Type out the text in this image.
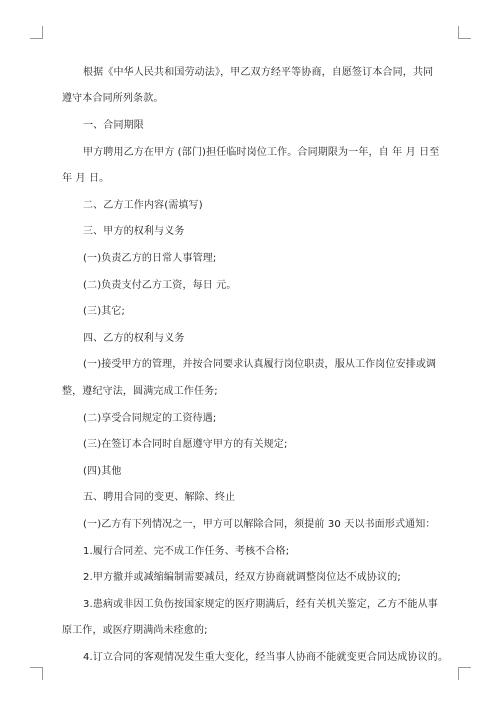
根据《中华人民共和国劳动法》，甲乙双方经平等协商，自愿签订本合同，共同
遵守本合同所列条款。
一、合同期限
甲方聘用乙方在甲方 (部门)担任临时岗位工作。合同期限为一年，自 年 月 日至
年 月 日。
二、乙方工作内容(需填写)
三、甲方的权利与义务
(一)负责乙方的日常人事管理;
(二)负责支付乙方工资，每日 元。
(三)其它;
四、乙方的权利与义务
(一)接受甲方的管理，并按合同要求认真履行岗位职责，服从工作岗位安排或调
整，遵纪守法，圆满完成工作任务;
(二)享受合同规定的工资待遇;
(三)在签订本合同时自愿遵守甲方的有关规定;
(四)其他
五、聘用合同的变更、解除、终止
(一)乙方有下列情况之一，甲方可以解除合同，须提前 30 天以书面形式通知：
1.履行合同差、完不成工作任务、考核不合格;
2.甲方撤并或减缩编制需要减员，经双方协商就调整岗位达不成协议的;
3.患病或非因工负伤按国家规定的医疗期满后，经有关机关鉴定，乙方不能从事
原工作，或医疗期满尚未痊愈的;
4.订立合同的客观情况发生重大变化，经当事人协商不能就变更合同达成协议的。
